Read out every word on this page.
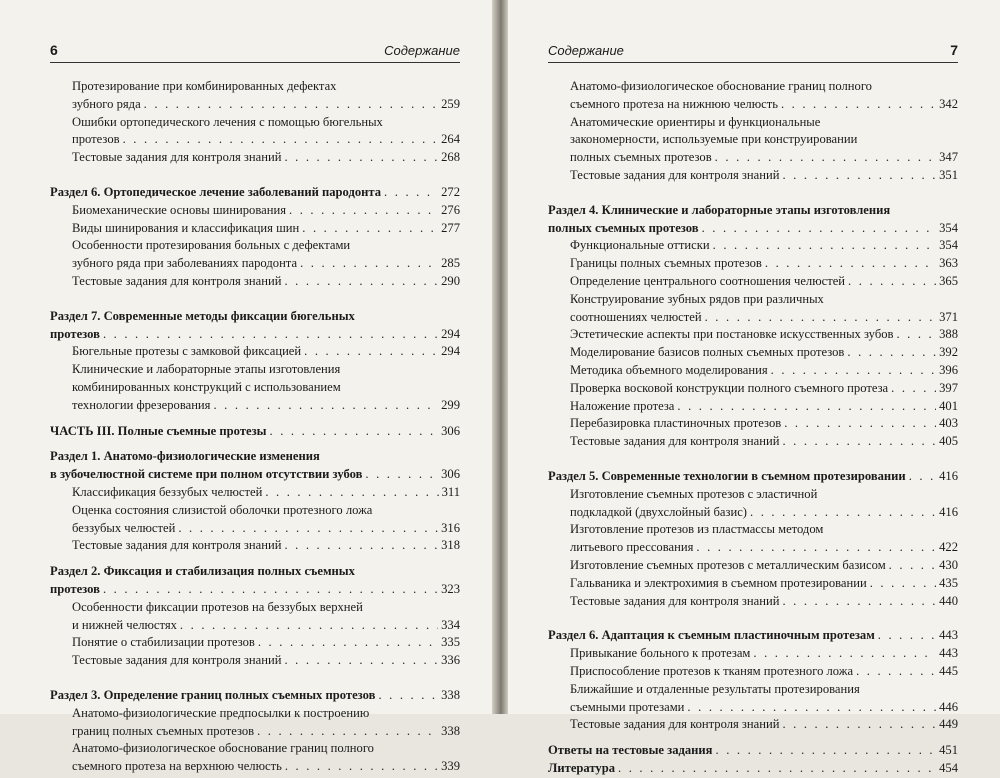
6	Содержание
Протезирование при комбинированных дефектах
зубного ряда . . .	259
Ошибки ортопедического лечения с помощью бюгельных
протезов . . .	264
Тестовые задания для контроля знаний . . .	268
Раздел 6. Ортопедическое лечение заболеваний пародонта . . .	272
Биомеханические основы шинирования . . .	276
Виды шинирования и классификация шин . . .	277
Особенности протезирования больных с дефектами
зубного ряда при заболеваниях пародонта . . .	285
Тестовые задания для контроля знаний . . .	290
Раздел 7. Современные методы фиксации бюгельных
протезов . . .	294
Бюгельные протезы с замковой фиксацией . . .	294
Клинические и лабораторные этапы изготовления
комбинированных конструкций с использованием
технологии фрезерования . . .	299
ЧАСТЬ III. Полные съемные протезы . . .	306
Раздел 1. Анатомо-физиологические изменения
в зубочелюстной системе при полном отсутствии зубов . . .	306
Классификация беззубых челюстей . . .	311
Оценка состояния слизистой оболочки протезного ложа
беззубых челюстей . . .	316
Тестовые задания для контроля знаний . . .	318
Раздел 2. Фиксация и стабилизация полных съемных
протезов . . .	323
Особенности фиксации протезов на беззубых верхней
и нижней челюстях . . .	334
Понятие о стабилизации протезов . . .	335
Тестовые задания для контроля знаний . . .	336
Раздел 3. Определение границ полных съемных протезов . . .	338
Анатомо-физиологические предпосылки к построению
границ полных съемных протезов . . .	338
Анатомо-физиологическое обоснование границ полного
съемного протеза на верхнюю челюсть . . .	339
Содержание	7
Анатомо-физиологическое обоснование границ полного
съемного протеза на нижнюю челюсть . . .	342
Анатомические ориентиры и функциональные
закономерности, используемые при конструировании
полных съемных протезов . . .	347
Тестовые задания для контроля знаний . . .	351
Раздел 4. Клинические и лабораторные этапы изготовления
полных съемных протезов . . .	354
Функциональные оттиски . . .	354
Границы полных съемных протезов . . .	363
Определение центрального соотношения челюстей . . .	365
Конструирование зубных рядов при различных
соотношениях челюстей . . .	371
Эстетические аспекты при постановке искусственных зубов . . .	388
Моделирование базисов полных съемных протезов . . .	392
Методика объемного моделирования . . .	396
Проверка восковой конструкции полного съемного протеза . . .	397
Наложение протеза . . .	401
Перебазировка пластиночных протезов . . .	403
Тестовые задания для контроля знаний . . .	405
Раздел 5. Современные технологии в съемном протезировании . . .	416
Изготовление съемных протезов с эластичной
подкладкой (двухслойный базис) . . .	416
Изготовление протезов из пластмассы методом
литьевого прессования . . .	422
Изготовление съемных протезов с металлическим базисом . . .	430
Гальваника и электрохимия в съемном протезировании . . .	435
Тестовые задания для контроля знаний . . .	440
Раздел 6. Адаптация к съемным пластиночным протезам . . .	443
Привыкание больного к протезам . . .	443
Приспособление протезов к тканям протезного ложа . . .	445
Ближайшие и отдаленные результаты протезирования
съемными протезами . . .	446
Тестовые задания для контроля знаний . . .	449
Ответы на тестовые задания . . .	451
Литература . . .	454
